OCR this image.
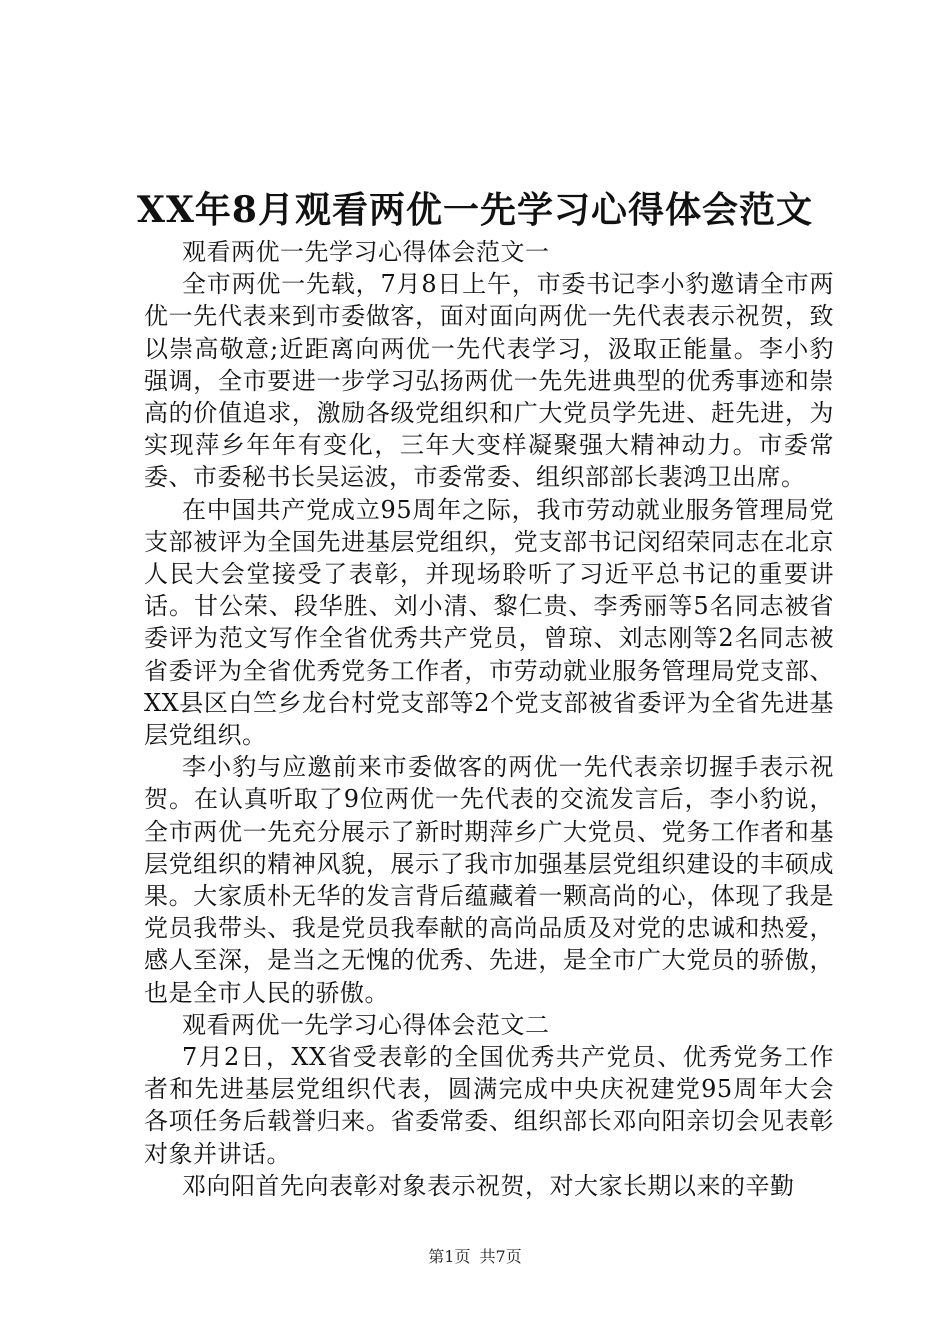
XX年8月观看两优一先学习心得体会范文

观看两优一先学习心得体会范文一

全市两优一先载，7月8日上午，市委书记李小豹邀请全市两优一先代表来到市委做客，面对面向两优一先代表表示祝贺，致以崇高敬意;近距离向两优一先代表学习，汲取正能量。李小豹强调，全市要进一步学习弘扬两优一先先进典型的优秀事迹和崇高的价值追求，激励各级党组织和广大党员学先进、赶先进，为实现萍乡年年有变化，三年大变样凝聚强大精神动力。市委常委、市委秘书长吴运波，市委常委、组织部部长裴鸿卫出席。

在中国共产党成立95周年之际，我市劳动就业服务管理局党支部被评为全国先进基层党组织，党支部书记闵绍荣同志在北京人民大会堂接受了表彰，并现场聆听了习近平总书记的重要讲话。甘公荣、段华胜、刘小清、黎仁贵、李秀丽等5名同志被省委评为范文写作全省优秀共产党员，曾琼、刘志刚等2名同志被省委评为全省优秀党务工作者，市劳动就业服务管理局党支部、XX县区白竺乡龙台村党支部等2个党支部被省委评为全省先进基层党组织。

李小豹与应邀前来市委做客的两优一先代表亲切握手表示祝贺。在认真听取了9位两优一先代表的交流发言后，李小豹说，全市两优一先充分展示了新时期萍乡广大党员、党务工作者和基层党组织的精神风貌，展示了我市加强基层党组织建设的丰硕成果。大家质朴无华的发言背后蕴藏着一颗高尚的心，体现了我是党员我带头、我是党员我奉献的高尚品质及对党的忠诚和热爱，感人至深，是当之无愧的优秀、先进，是全市广大党员的骄傲，也是全市人民的骄傲。

观看两优一先学习心得体会范文二

7月2日，XX省受表彰的全国优秀共产党员、优秀党务工作者和先进基层党组织代表，圆满完成中央庆祝建党95周年大会各项任务后载誉归来。省委常委、组织部长邓向阳亲切会见表彰对象并讲话。

邓向阳首先向表彰对象表示祝贺，对大家长期以来的辛勤

第1页 共7页
